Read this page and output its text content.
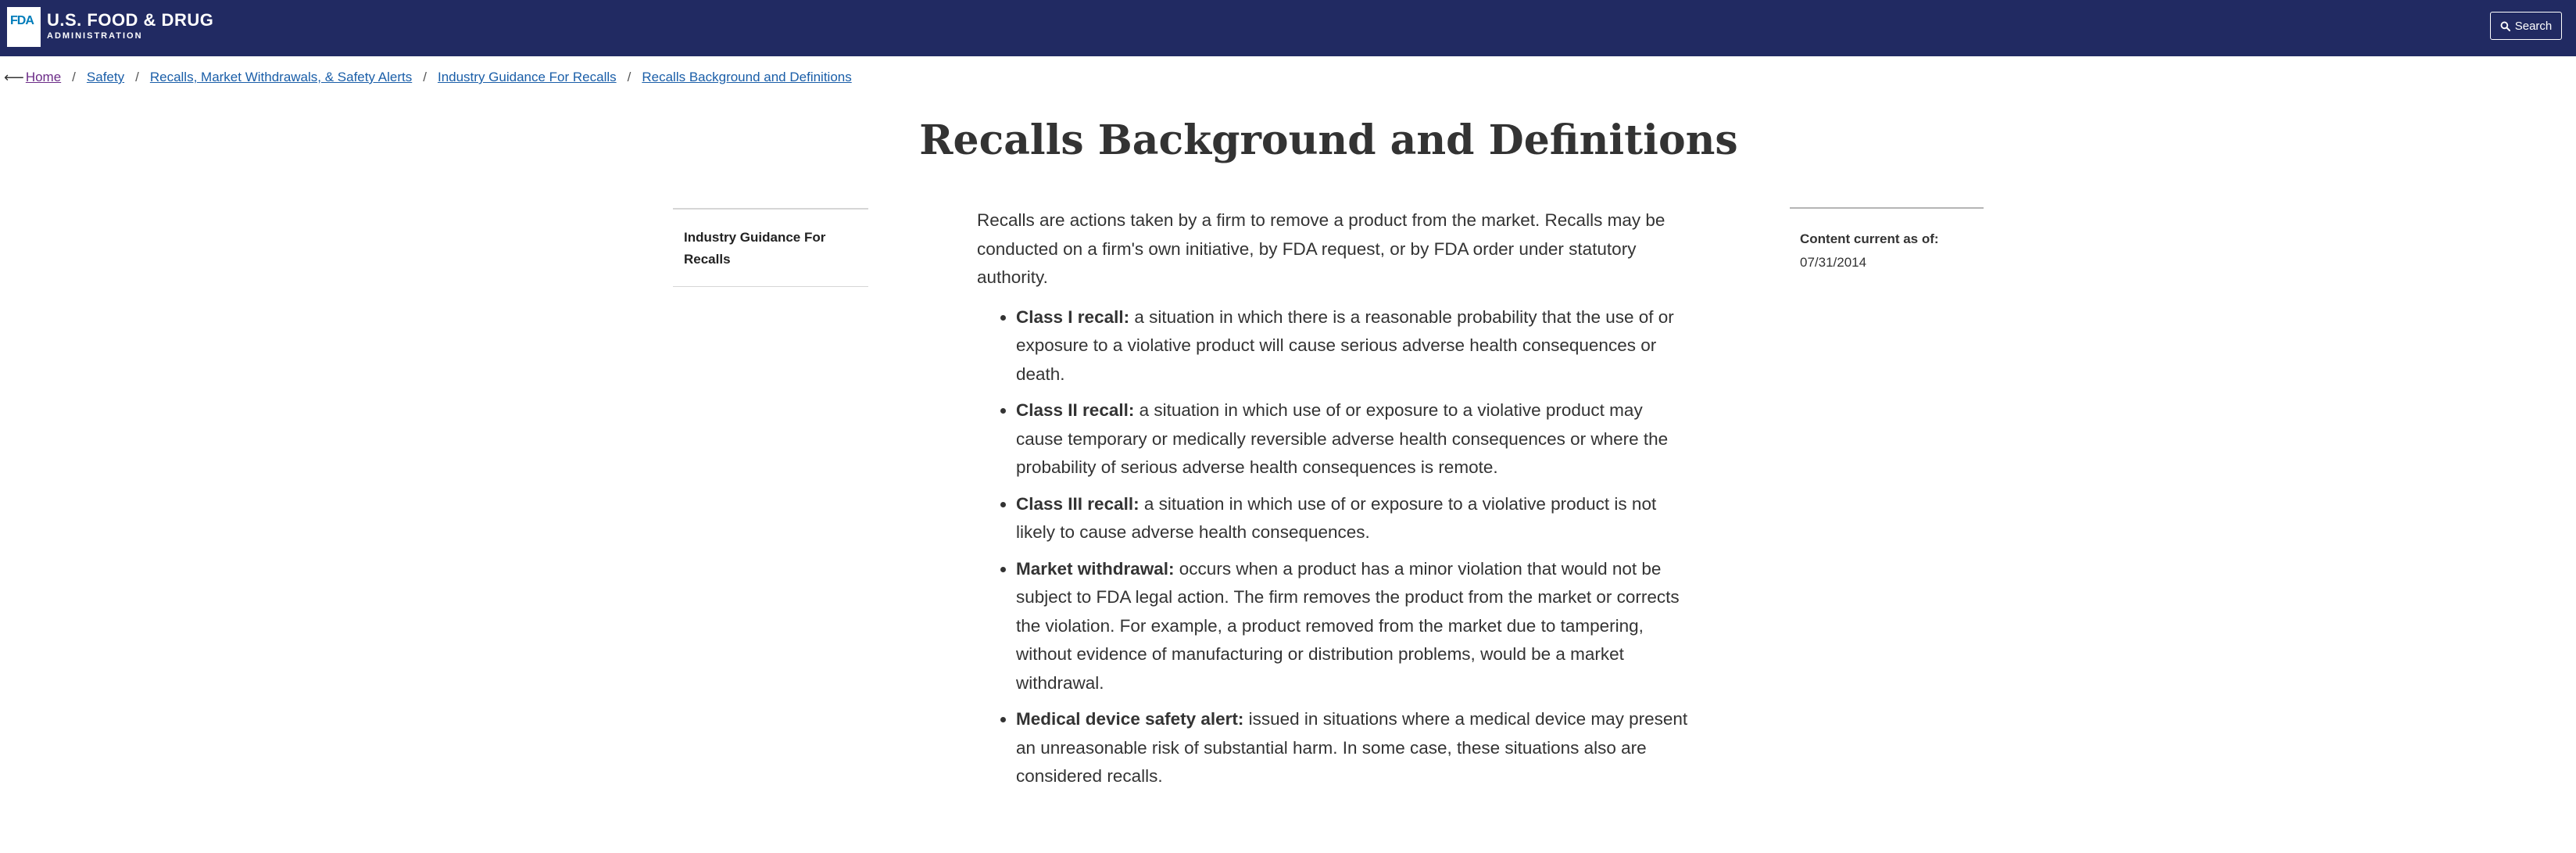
FDA U.S. FOOD & DRUG
ADMINISTRATION
Search
⟵ Home / Safety / Recalls, Market Withdrawals, & Safety Alerts / Industry Guidance For Recalls / Recalls Background and Definitions
Recalls Background and Definitions
Industry Guidance For Recalls

Recalls are actions taken by a firm to remove a product from the market. Recalls may be conducted on a firm's own initiative, by FDA request, or by FDA order under statutory authority.

• Class I recall: a situation in which there is a reasonable probability that the use of or exposure to a violative product will cause serious adverse health consequences or death.
• Class II recall: a situation in which use of or exposure to a violative product may cause temporary or medically reversible adverse health consequences or where the probability of serious adverse health consequences is remote.
• Class III recall: a situation in which use of or exposure to a violative product is not likely to cause adverse health consequences.
• Market withdrawal: occurs when a product has a minor violation that would not be subject to FDA legal action. The firm removes the product from the market or corrects the violation. For example, a product removed from the market due to tampering, without evidence of manufacturing or distribution problems, would be a market withdrawal.
• Medical device safety alert: issued in situations where a medical device may present an unreasonable risk of substantial harm. In some case, these situations also are considered recalls.
Content current as of:
07/31/2014
